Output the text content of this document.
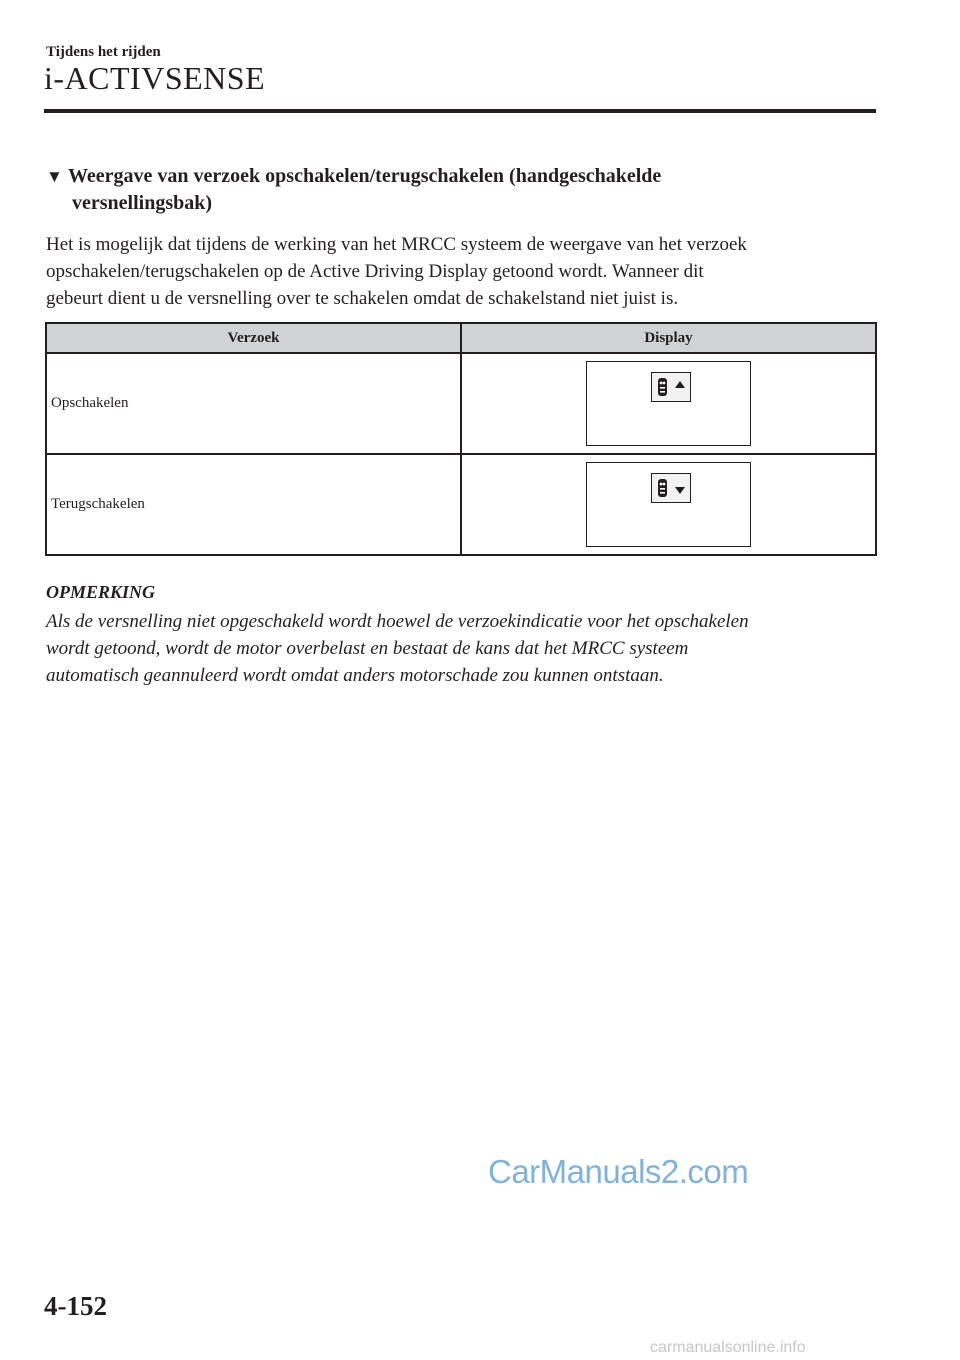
Tijdens het rijden
i-ACTIVSENSE
▼ Weergave van verzoek opschakelen/terugschakelen (handgeschakelde
versnellingsbak)
Het is mogelijk dat tijdens de werking van het MRCC systeem de weergave van het verzoek
opschakelen/terugschakelen op de Active Driving Display getoond wordt. Wanneer dit
gebeurt dient u de versnelling over te schakelen omdat de schakelstand niet juist is.
Verzoek	Display
Opschakelen	

Terugschakelen	
OPMERKING
Als de versnelling niet opgeschakeld wordt hoewel de verzoekindicatie voor het opschakelen
wordt getoond, wordt de motor overbelast en bestaat de kans dat het MRCC systeem
automatisch geannuleerd wordt omdat anders motorschade zou kunnen ontstaan.
CarManuals2.com
4-152
carmanualsonline.info
